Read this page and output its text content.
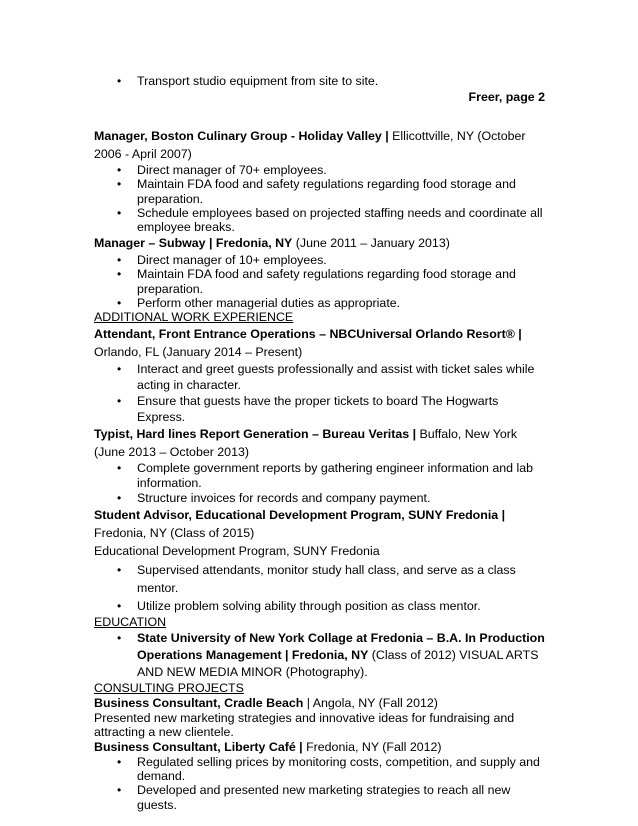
Freer, page 2
•	Transport studio equipment from site to site.
Manager, Boston Culinary Group - Holiday Valley | Ellicottville, NY (October 2006 - April 2007)
•	Direct manager of 70+ employees.
•	Maintain FDA food and safety regulations regarding food storage and preparation.
•	Schedule employees based on projected staffing needs and coordinate all employee breaks.
Manager – Subway | Fredonia, NY (June 2011 – January 2013)
•	Direct manager of 10+ employees.
•	Maintain FDA food and safety regulations regarding food storage and preparation.
•	Perform other managerial duties as appropriate.
ADDITIONAL WORK EXPERIENCE
Attendant, Front Entrance Operations – NBCUniversal Orlando Resort® | Orlando, FL (January 2014 – Present)
•	Interact and greet guests professionally and assist with ticket sales while acting in character.
•	Ensure that guests have the proper tickets to board The Hogwarts Express.
Typist, Hard lines Report Generation – Bureau Veritas | Buffalo, New York (June 2013 – October 2013)
•	Complete government reports by gathering engineer information and lab information.
•	Structure invoices for records and company payment.
Student Advisor, Educational Development Program, SUNY Fredonia | Fredonia, NY (Class of 2015)
Educational Development Program, SUNY Fredonia
•	Supervised attendants, monitor study hall class, and serve as a class mentor.
•	Utilize problem solving ability through position as class mentor.
EDUCATION
•	State University of New York Collage at Fredonia – B.A. In Production Operations Management | Fredonia, NY (Class of 2012) VISUAL ARTS AND NEW MEDIA MINOR (Photography).
CONSULTING PROJECTS
Business Consultant, Cradle Beach | Angola, NY (Fall 2012)
Presented new marketing strategies and innovative ideas for fundraising and attracting a new clientele.
Business Consultant, Liberty Café | Fredonia, NY (Fall 2012)
•	Regulated selling prices by monitoring costs, competition, and supply and demand.
•	Developed and presented new marketing strategies to reach all new guests.
